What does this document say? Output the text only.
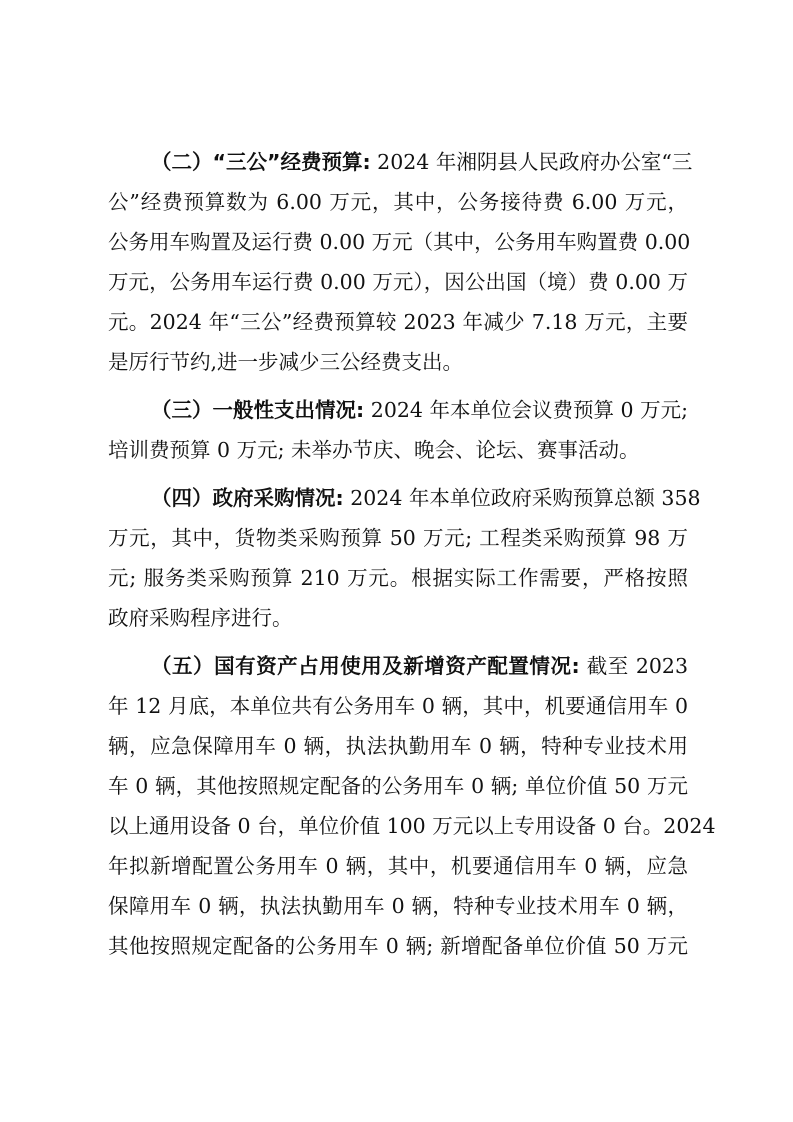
（二）“三公”经费预算: 2024 年湘阴县人民政府办公室“三
公”经费预算数为 6.00 万元，其中，公务接待费 6.00 万元，
公务用车购置及运行费 0.00 万元（其中，公务用车购置费 0.00
万元，公务用车运行费 0.00 万元），因公出国（境）费 0.00 万
元。2024 年“三公”经费预算较 2023 年减少 7.18 万元，主要
是厉行节约,进一步减少三公经费支出。
（三）一般性支出情况: 2024 年本单位会议费预算 0 万元;
培训费预算 0 万元; 未举办节庆、晚会、论坛、赛事活动。
（四）政府采购情况: 2024 年本单位政府采购预算总额 358
万元，其中，货物类采购预算 50 万元; 工程类采购预算 98 万
元; 服务类采购预算 210 万元。根据实际工作需要，严格按照
政府采购程序进行。
（五）国有资产占用使用及新增资产配置情况: 截至 2023
年 12 月底，本单位共有公务用车 0 辆，其中，机要通信用车 0
辆，应急保障用车 0 辆，执法执勤用车 0 辆，特种专业技术用
车 0 辆，其他按照规定配备的公务用车 0 辆; 单位价值 50 万元
以上通用设备 0 台，单位价值 100 万元以上专用设备 0 台。2024
年拟新增配置公务用车 0 辆，其中，机要通信用车 0 辆，应急
保障用车 0 辆，执法执勤用车 0 辆，特种专业技术用车 0 辆，
其他按照规定配备的公务用车 0 辆; 新增配备单位价值 50 万元
